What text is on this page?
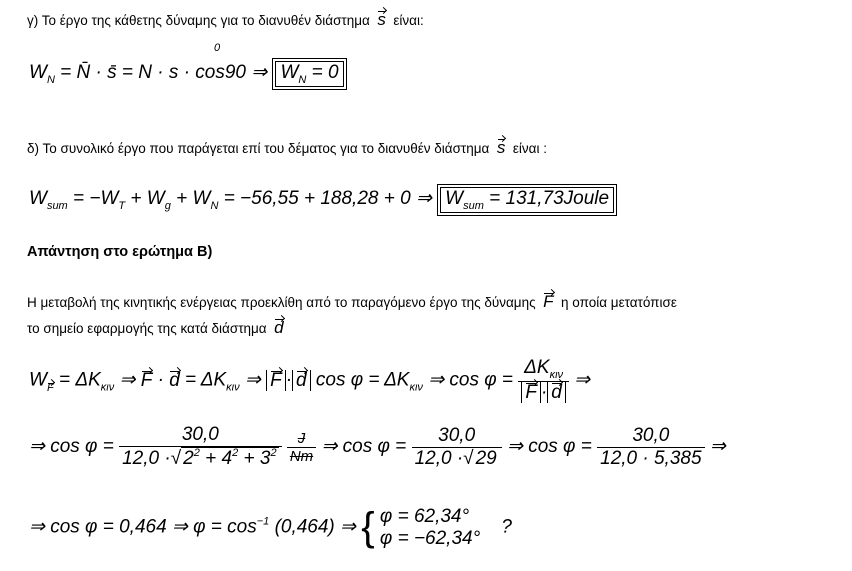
γ) Το έργο της κάθετης δύναμης για το διανυθέν διάστημα s είναι:
$W_N$ = N̄ · s̄ = N · s · cos90 ⇒ $W_N = 0$
0
δ) Το συνολικό έργο που παράγεται επί του δέματος για το διανυθέν διάστημα s είναι :
$W_{sum} = -W_T + W_g + W_N = -56,55 + 188,28 + 0$ ⇒ $W_{sum}$ = 131,73Joule
Απάντηση στο ερώτημα Β)
Η μεταβολή της κινητικής ενέργειας προεκλίθη από το παραγόμενο έργο της δύναμης F η οποία μετατόπισε
το σημείο εφαρμογής της κατά διάστημα d
$W_F = \Delta K_{\kappa\iota\nu}$ ⇒ $F \cdot d = \Delta K_{\kappa\iota\nu}$ ⇒ F · d $\cos \varphi = \Delta K_{\kappa\iota\nu}$ ⇒ $\cos \varphi = \frac{\Delta K_{\kappa\iota\nu}}{F \cdot d}$ ⇒
⇒ $\cos \varphi = \frac{30,0}{12,0 \cdot√ 2^2 + 4^2 + 3^2}$
$\frac{J}{Nm}$ ⇒ $\cos \varphi = \frac{30,0}{12,0 \cdot√ 29}$ ⇒ $\cos \varphi = \frac{30,0}{12,0 \cdot 5,385}$ ⇒
⇒ cos φ = 0,464 ⇒ $\varphi = \cos^{-1} (0,464)$ ⇒ { φ = 62,34°
φ = −62,34°
?
